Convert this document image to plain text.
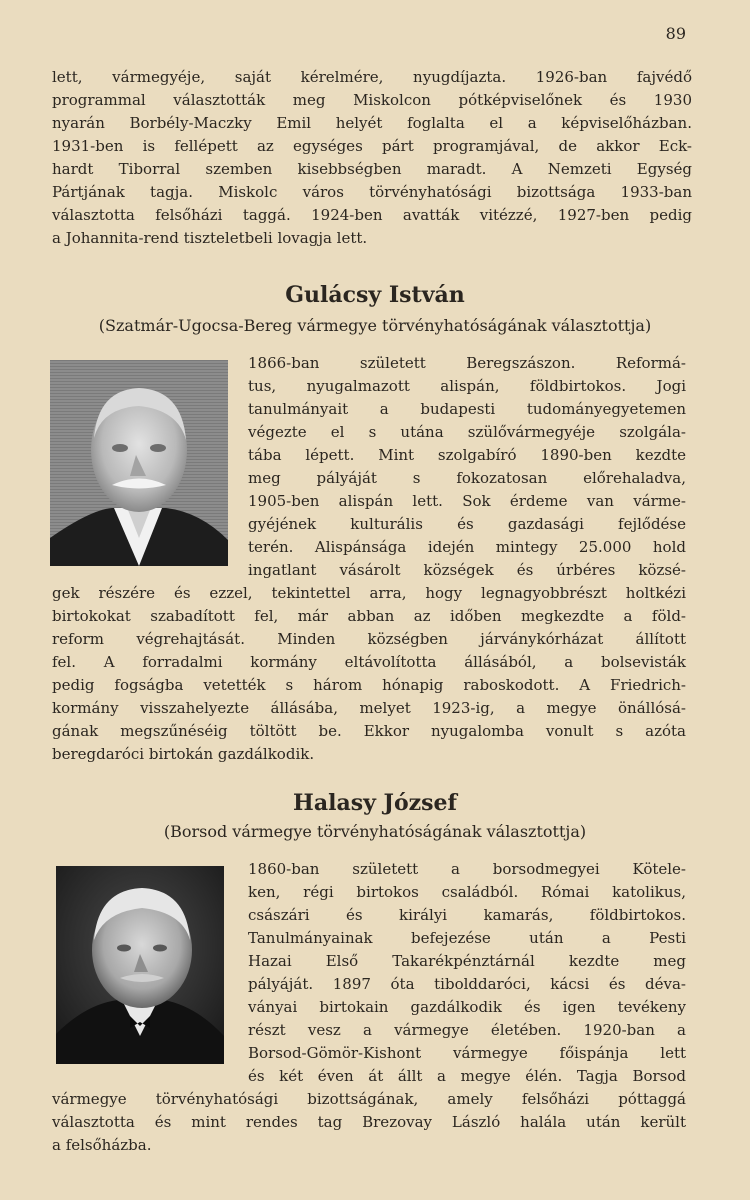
89
lett, vármegyéje, saját kérelmére, nyugdíjazta. 1926-ban fajvédő
programmal választották meg Miskolcon pótképviselőnek és 1930
nyarán Borbély-Maczky Emil helyét foglalta el a képviselőházban.
1931-ben is fellépett az egységes párt programjával, de akkor Eck-
hardt Tiborral szemben kisebbségben maradt. A Nemzeti Egység
Pártjának tagja. Miskolc város törvényhatósági bizottsága 1933-ban
választotta felsőházi taggá. 1924-ben avatták vitézzé, 1927-ben pedig
a Johannita-rend tiszteletbeli lovagja lett.
Gulácsy István

(Szatmár-Ugocsa-Bereg vármegye törvényhatóságának választottja)

1866-ban született Beregszászon. Reformá-
tus, nyugalmazott alispán, földbirtokos. Jogi
tanulmányait a budapesti tudományegyetemen
végezte el s utána szülővármegyéje szolgála-
tába lépett. Mint szolgabíró 1890-ben kezdte
meg pályáját s fokozatosan előrehaladva,
1905-ben alispán lett. Sok érdeme van várme-
gyéjének kulturális és gazdasági fejlődése
terén. Alispánsága idején mintegy 25.000 hold
ingatlant vásárolt községek és úrbéres közsé-
gek részére és ezzel, tekintettel arra, hogy legnagyobbrészt holtkézi
birtokokat szabadított fel, már abban az időben megkezdte a föld-
reform végrehajtását. Minden községben járványkórházat állított
fel. A forradalmi kormány eltávolította állásából, a bolsevisták
pedig fogságba vetették s három hónapig raboskodott. A Friedrich-
kormány visszahelyezte állásába, melyet 1923-ig, a megye önállósá-
gának megszűnéséig töltött be. Ekkor nyugalomba vonult s azóta
beregdaróci birtokán gazdálkodik.
Halasy József

(Borsod vármegye törvényhatóságának választottja)

1860-ban született a borsodmegyei Kötele-
ken, régi birtokos családból. Római katolikus,
császári és királyi kamarás, földbirtokos.
Tanulmányainak befejezése után a Pesti
Hazai Első Takarékpénztárnál kezdte meg
pályáját. 1897 óta tibolddaróci, kácsi és déva-
ványai birtokain gazdálkodik és igen tevékeny
részt vesz a vármegye életében. 1920-ban a
Borsod-Gömör-Kishont vármegye főispánja lett
és két éven át állt a megye élén. Tagja Borsod
vármegye törvényhatósági bizottságának, amely felsőházi póttaggá
választotta és mint rendes tag Brezovay László halála után került
a felsőházba.
